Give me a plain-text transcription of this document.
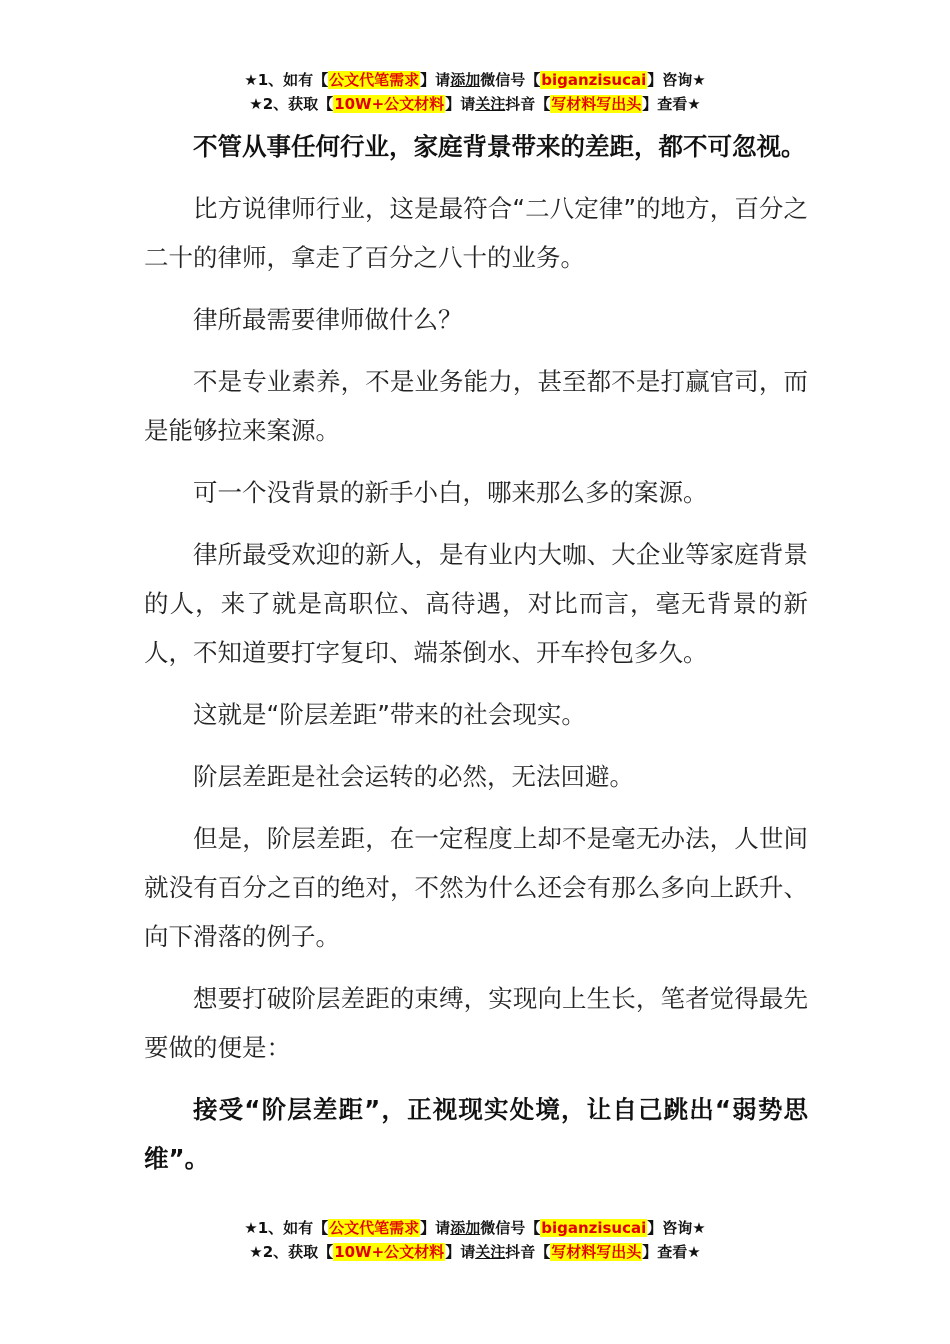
★1、如有【公文代笔需求】请添加微信号【biganzisucai】咨询★
★2、获取【10W+公文材料】请关注抖音【写材料写出头】查看★

不管从事任何行业，家庭背景带来的差距，都不可忽视。

比方说律师行业，这是最符合“二八定律”的地方，百分之二十的律师，拿走了百分之八十的业务。

律所最需要律师做什么？

不是专业素养，不是业务能力，甚至都不是打赢官司，而是能够拉来案源。

可一个没背景的新手小白，哪来那么多的案源。

律所最受欢迎的新人，是有业内大咖、大企业等家庭背景的人，来了就是高职位、高待遇，对比而言，毫无背景的新人，不知道要打字复印、端茶倒水、开车拎包多久。

这就是“阶层差距”带来的社会现实。

阶层差距是社会运转的必然，无法回避。

但是，阶层差距，在一定程度上却不是毫无办法，人世间就没有百分之百的绝对，不然为什么还会有那么多向上跃升、向下滑落的例子。

想要打破阶层差距的束缚，实现向上生长，笔者觉得最先要做的便是：

接受“阶层差距”，正视现实处境，让自己跳出“弱势思维”。

★1、如有【公文代笔需求】请添加微信号【biganzisucai】咨询★
★2、获取【10W+公文材料】请关注抖音【写材料写出头】查看★
